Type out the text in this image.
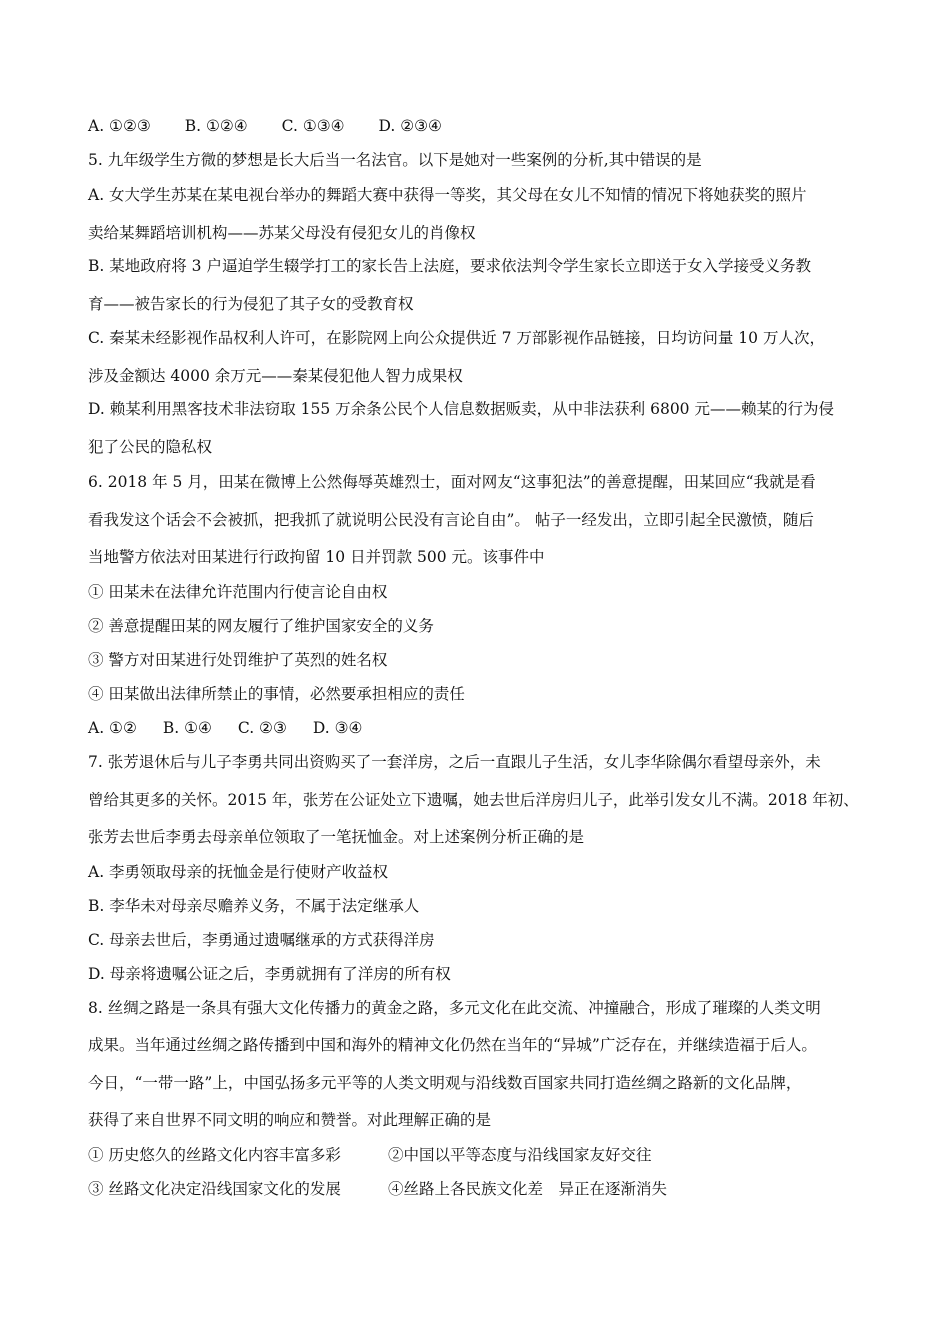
A. ①②③ B. ①②④ C. ①③④ D. ②③④
5. 九年级学生方微的梦想是长大后当一名法官。以下是她对一些案例的分析,其中错误的是
A. 女大学生苏某在某电视台举办的舞蹈大赛中获得一等奖，其父母在女儿不知情的情况下将她获奖的照片
卖给某舞蹈培训机构——苏某父母没有侵犯女儿的肖像权
B. 某地政府将 3 户逼迫学生辍学打工的家长告上法庭，要求依法判令学生家长立即送于女入学接受义务教
育——被告家长的行为侵犯了其子女的受教育权
C. 秦某未经影视作品权利人许可，在影院网上向公众提供近 7 万部影视作品链接，日均访问量 10 万人次，
涉及金额达 4000 余万元——秦某侵犯他人智力成果权
D. 赖某利用黑客技术非法窃取 155 万余条公民个人信息数据贩卖，从中非法获利 6800 元——赖某的行为侵
犯了公民的隐私权
6. 2018 年 5 月，田某在微博上公然侮辱英雄烈士，面对网友“这事犯法”的善意提醒，田某回应“我就是看
看我发这个话会不会被抓，把我抓了就说明公民没有言论自由”。 帖子一经发出，立即引起全民激愤，随后
当地警方依法对田某进行行政拘留 10 日并罚款 500 元。该事件中
① 田某未在法律允许范围内行使言论自由权
② 善意提醒田某的网友履行了维护国家安全的义务
③ 警方对田某进行处罚维护了英烈的姓名权
④ 田某做出法律所禁止的事情，必然要承担相应的责任
A. ①② B. ①④ C. ②③ D. ③④
7. 张芳退休后与儿子李勇共同出资购买了一套洋房，之后一直跟儿子生活，女儿李华除偶尔看望母亲外，未
曾给其更多的关怀。2015 年，张芳在公证处立下遗嘱，她去世后洋房归儿子，此举引发女儿不满。2018 年初、
张芳去世后李勇去母亲单位领取了一笔抚恤金。对上述案例分析正确的是
A. 李勇领取母亲的抚恤金是行使财产收益权
B. 李华未对母亲尽赡养义务，不属于法定继承人
C. 母亲去世后，李勇通过遗嘱继承的方式获得洋房
D. 母亲将遗嘱公证之后，李勇就拥有了洋房的所有权
8. 丝绸之路是一条具有强大文化传播力的黄金之路，多元文化在此交流、冲撞融合，形成了璀璨的人类文明
成果。当年通过丝绸之路传播到中国和海外的精神文化仍然在当年的“异城”广泛存在，并继续造福于后人。
今日，“一带一路”上，中国弘扬多元平等的人类文明观与沿线数百国家共同打造丝绸之路新的文化品牌，
获得了来自世界不同文明的响应和赞誉。对此理解正确的是
① 历史悠久的丝路文化内容丰富多彩	②中国以平等态度与沿线国家友好交往
③ 丝路文化决定沿线国家文化的发展	④丝路上各民族文化差　异正在逐渐消失
